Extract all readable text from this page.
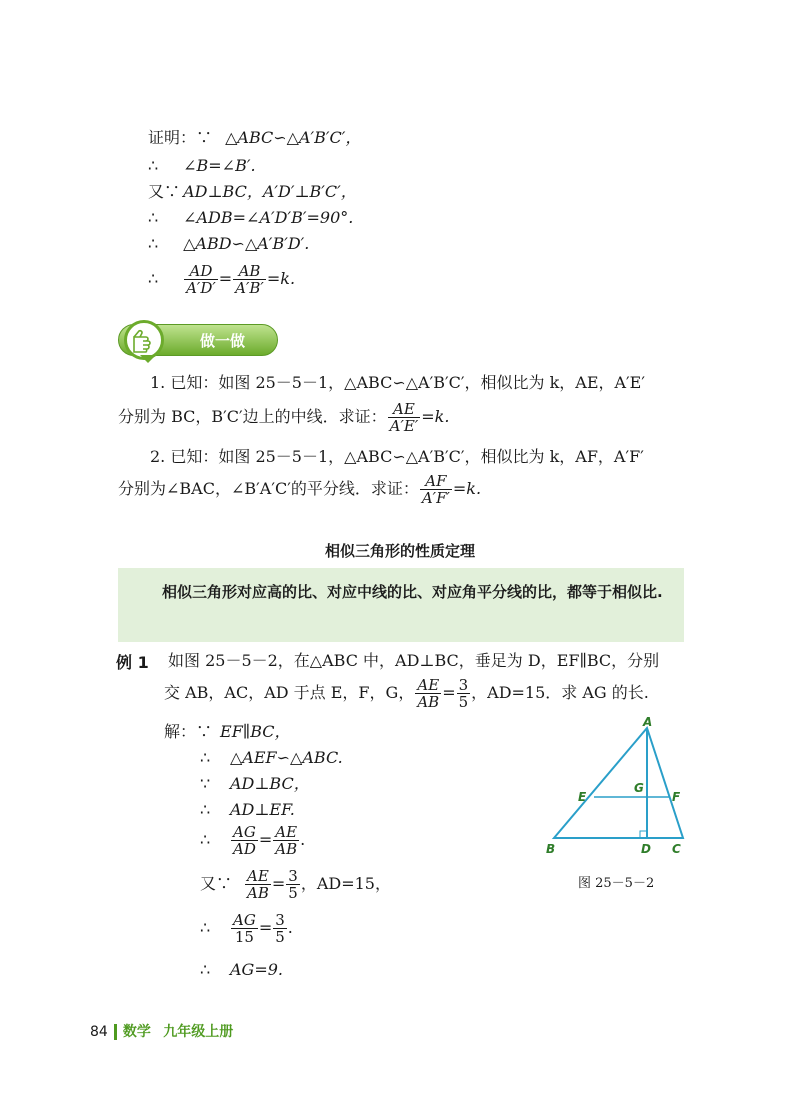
证明：∵ △ABC∽△A′B′C′，
∴ ∠B=∠B′.
又∵ AD⊥BC，A′D′⊥B′C′，
∴ ∠ADB=∠A′D′B′=90°.
∴ △ABD∽△A′B′D′.
∴ $\frac{AD}{A'D'} = \frac{AB}{A'B'} =k$.
做一做
1. 已知：如图 25－5－1，△ABC∽△A′B′C′，相似比为 k，AE，A′E′
分别为 BC，B′C′边上的中线．求证： $\frac{AE}{A'E'} =k$.
2. 已知：如图 25－5－1，△ABC∽△A′B′C′，相似比为 k，AF，A′F′
分别为∠BAC，∠B′A′C′的平分线．求证： $\frac{AF}{A'F'} =k$.
相似三角形的性质定理
相似三角形对应高的比、对应中线的比、对应角平分线的比，都等于相似比.
例 1 如图 25－5－2，在△ABC 中，AD⊥BC，垂足为 D，EF∥BC，分别
交 AB，AC，AD 于点 E，F，G， $\frac{AE}{AB} = \frac{3}{5}$ ，AD=15．求 AG 的长.
解：∵ EF∥BC，
∴ △AEF∽△ABC.
∵ AD⊥BC，
∴ AD⊥EF.
∴ $\frac{AG}{AD} = \frac{AE}{AB}$ .
又∵ $\frac{AE}{AB} = \frac{3}{5}$ ，AD=15，
∴ $\frac{AG}{15} = \frac{3}{5}$ .
∴ AG=9.
A
B	C
D
E	F
G
图 25－5－2
84 数学 九年级上册
